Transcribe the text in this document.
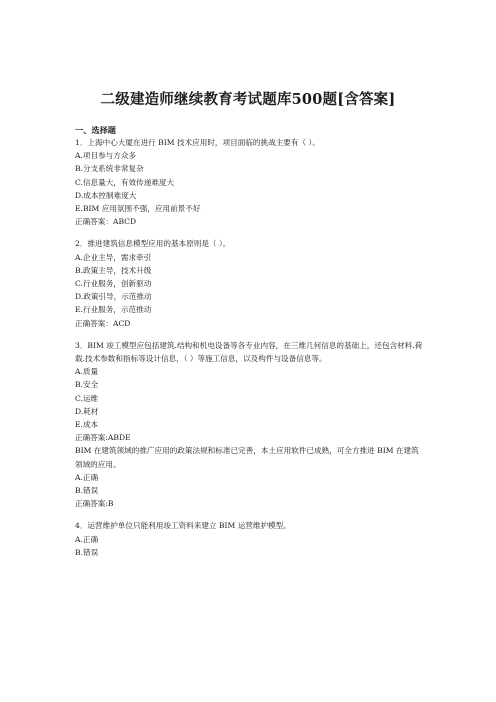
二级建造师继续教育考试题库500题[含答案]
一、选择题
1．上海中心大厦在进行 BIM 技术应用时，项目面临的挑战主要有（ ）。
A.项目参与方众多
B.分支系统非常复杂
C.信息量大，有效传递难度大
D.成本控制难度大
E.BIM 应用氛围不强，应用前景不好
正确答案：ABCD
2．推进建筑信息模型应用的基本原则是（ ）。
A.企业主导，需求牵引
B.政策主导，技术升级
C.行业服务，创新驱动
D.政策引导，示范推动
E.行业服务，示范推动
正确答案：ACD
3．BIM 竣工模型应包括建筑.结构和机电设备等各专业内容，在三维几何信息的基础上，还包含材料.荷载.技术参数和指标等设计信息，（ ）等施工信息，以及构件与设备信息等。
A.质量
B.安全
C.运维
D.耗材
E.成本
正确答案:ABDE
BIM 在建筑领域的推广应用的政策法规和标准已完善，本土应用软件已成熟，可全方推进 BIM 在建筑领域的应用。
A.正确
B.错误
正确答案:B
4．运营维护单位只能利用竣工资料来建立 BIM 运营维护模型。
A.正确
B.错误
